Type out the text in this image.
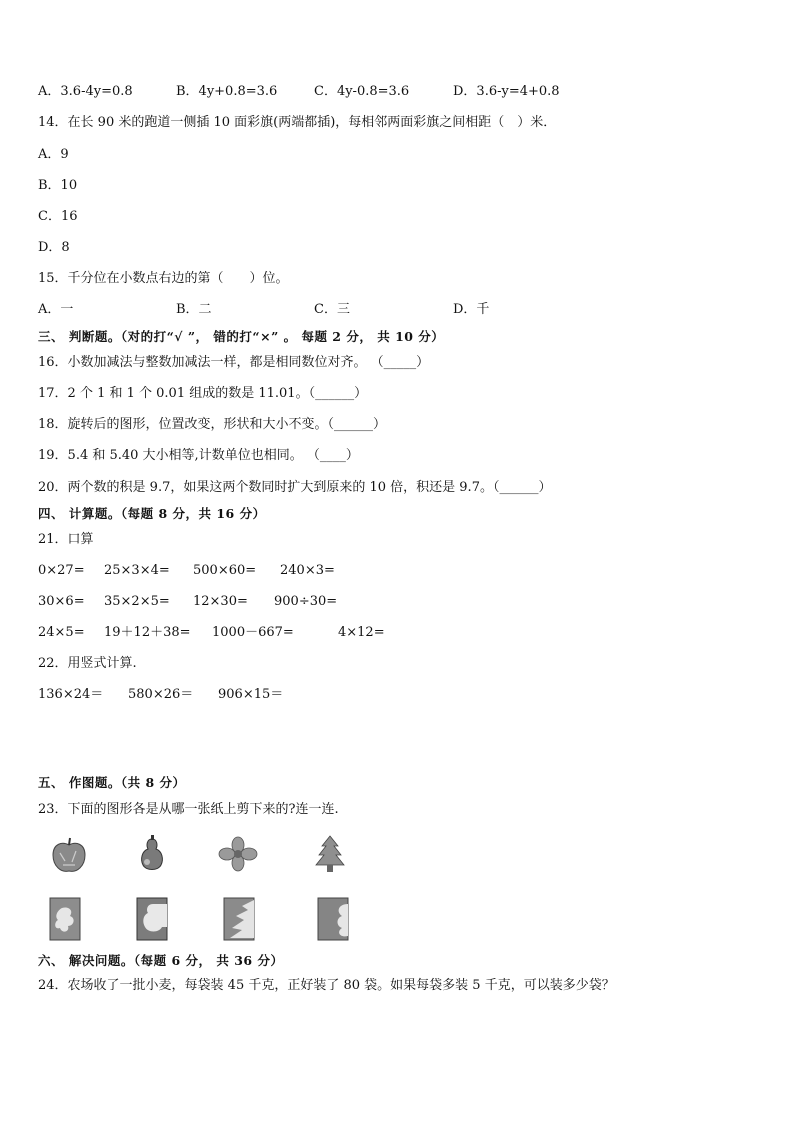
A．3.6-4y=0.8	B．4y+0.8=3.6	C．4y-0.8=3.6	D．3.6-y=4+0.8
14．在长 90 米的跑道一侧插 10 面彩旗(两端都插)，每相邻两面彩旗之间相距（　）米．
A．9
B．10
C．16
D．8
15．千分位在小数点右边的第（　　）位。
A．一	B．二	C．三	D．千
三、 判断题。（对的打“√ ”， 错的打“×” 。 每题 2 分， 共 10 分）
16．小数加减法与整数加减法一样，都是相同数位对齐。 （_____）
17．2 个 1 和 1 个 0.01 组成的数是 11.01。（______）
18．旋转后的图形，位置改变，形状和大小不变。（______）
19．5.4 和 5.40 大小相等,计数单位也相同。 （____）
20．两个数的积是 9.7，如果这两个数同时扩大到原来的 10 倍，积还是 9.7。（______）
四、 计算题。（每题 8 分，共 16 分）
21．口算
0×27= 25×3×4= 500×60= 240×3=
30×6= 35×2×5= 12×30= 900÷30=
24×5= 19＋12＋38= 1000－667=	4×12=
22．用竖式计算.
136×24＝ 580×26＝ 906×15＝
五、 作图题。（共 8 分）
23．下面的图形各是从哪一张纸上剪下来的?连一连.
六、 解决问题。（每题 6 分， 共 36 分）
24．农场收了一批小麦，每袋装 45 千克，正好装了 80 袋。如果每袋多装 5 千克，可以装多少袋？
